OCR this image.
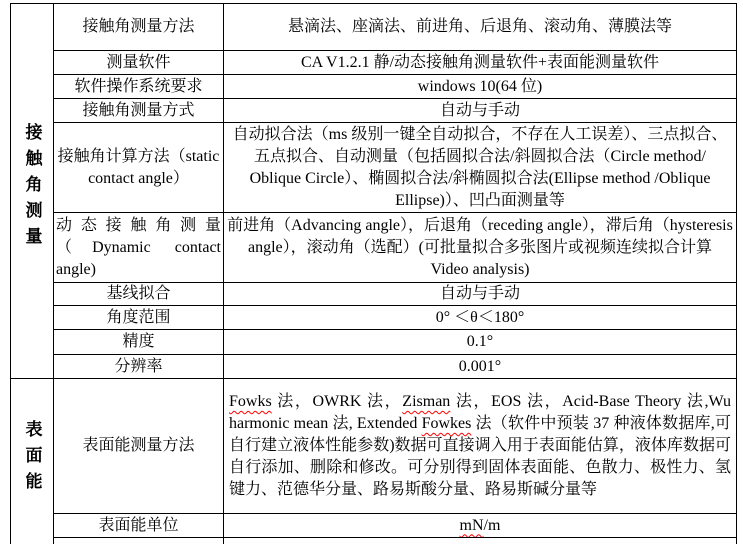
接触角测量	接触角测量方法	悬滴法、座滴法、前进角、后退角、滚动角、薄膜法等
	测量软件	CA V1.2.1 静/动态接触角测量软件+表面能测量软件
	软件操作系统要求	windows 10(64 位)
	接触角测量方式	自动与手动
	接触角计算方法（static contact angle）	自动拟合法（ms 级别一键全自动拟合，不存在人工误差）、三点拟合、五点拟合、自动测量（包括圆拟合法/斜圆拟合法（Circle method/ Oblique Circle）、椭圆拟合法/斜椭圆拟合法(Ellipse method /Oblique Ellipse)）、凹凸面测量等
	动态接触角测量（Dynamic contact angle)	前进角（Advancing angle），后退角（receding angle），滞后角（hysteresis angle），滚动角（选配）(可批量拟合多张图片或视频连续拟合计算 Video analysis)
	基线拟合	自动与手动
	角度范围	0° ＜θ＜180°
	精度	0.1°
	分辨率	0.001°
表面能	表面能测量方法	Fowks 法，OWRK 法，Zisman 法，EOS 法，Acid-Base Theory 法,Wu harmonic mean 法, Extended Fowkes 法（软件中预装 37 种液体数据库,可自行建立液体性能参数)数据可直接调入用于表面能估算，液体库数据可自行添加、删除和修改。可分别得到固体表面能、色散力、极性力、氢键力、范德华分量、路易斯酸分量、路易斯碱分量等
	表面能单位	mN/m
